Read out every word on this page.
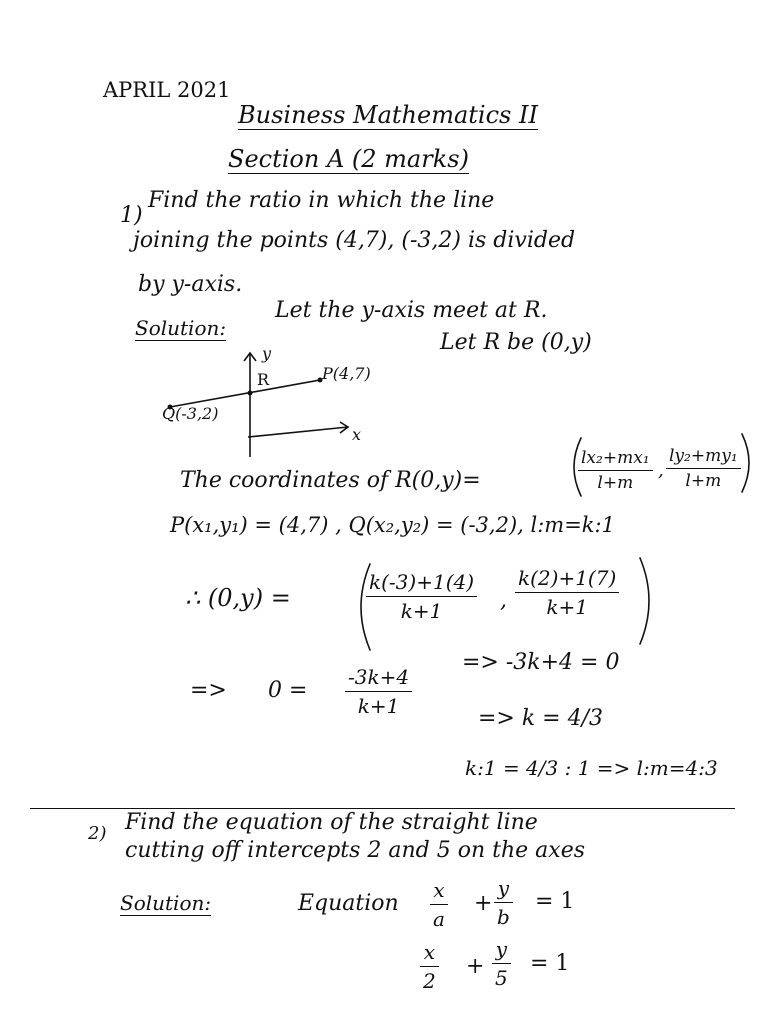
APRIL 2021
Business Mathematics II
Section A (2 marks)
1)
Find the ratio in which the line
joining the points (4,7), (-3,2) is divided
by y-axis.
Solution:
Let the y-axis meet at R.
Let R be (0,y)
y
R	P(4,7)
Q(-3,2)
x
The coordinates of R(0,y)=
lx₂+mx₁
l+m
,
ly₂+my₁
l+m
P(x₁,y₁) = (4,7) , Q(x₂,y₂) = (-3,2), l:m=k:1
∴ (0,y) =
k(-3)+1(4)
k+1	,
k(2)+1(7)
k+1
=> 0 =
-3k+4
k+1
=> -3k+4 = 0
=> k = 4/3
k:1 = 4/3 : 1 => l:m=4:3
2) Find the equation of the straight line
cutting off intercepts 2 and 5 on the axes
Solution:	Equation
x
a
+
y
b
= 1
x
2
+
y
5
= 1
